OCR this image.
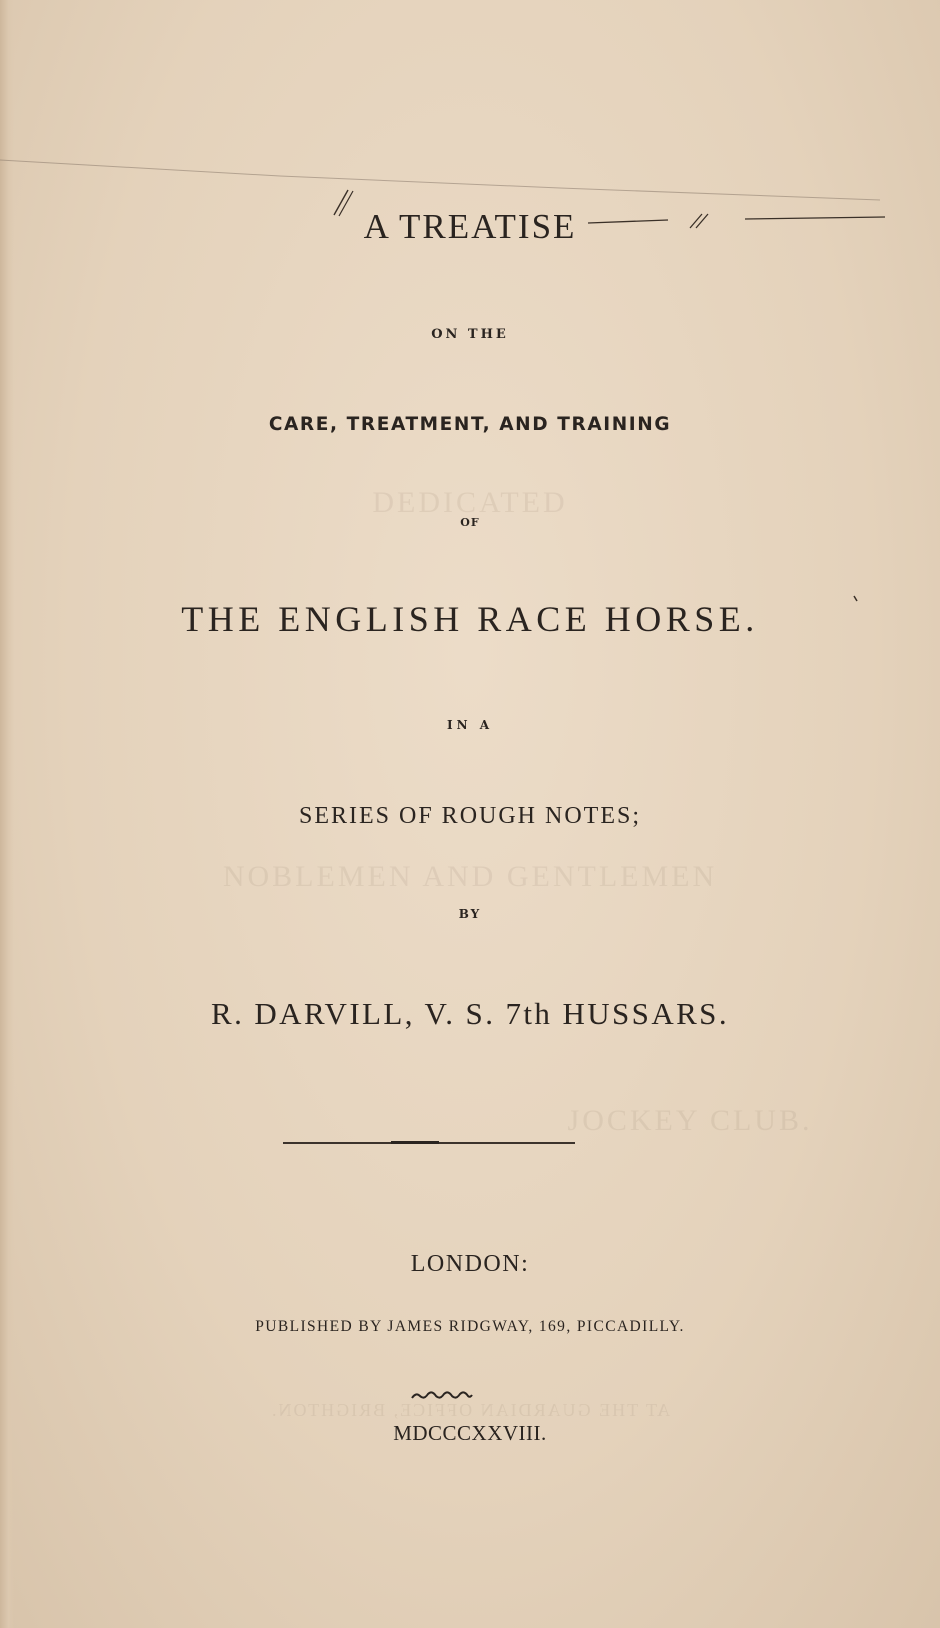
DEDICATED
NOBLEMEN AND GENTLEMEN
JOCKEY CLUB.
AT THE GUARDIAN OFFICE, BRIGHTON.
A TREATISE
ON THE
CARE, TREATMENT, AND TRAINING
OF
THE ENGLISH RACE HORSE.
IN A
SERIES OF ROUGH NOTES;
BY
R. DARVILL, V. S. 7th HUSSARS.
LONDON:
PUBLISHED BY JAMES RIDGWAY, 169, PICCADILLY.
MDCCCXXVIII.
